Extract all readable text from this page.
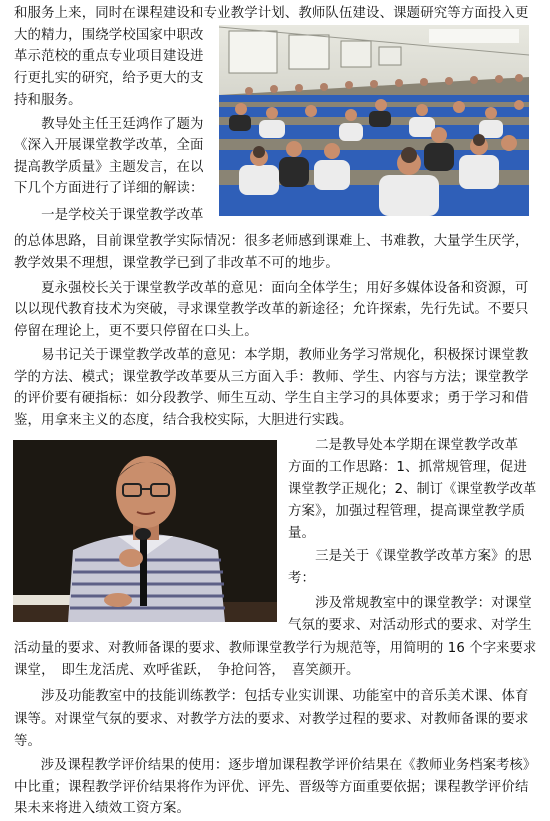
和服务上来，同时在课程建设和专业教学计划、教师队伍建设、课题研究等方面投入更
大的精力，围绕学校国家中职改
革示范校的重点专业项目建设进
行更扎实的研究，给予更大的支
持和服务。
　　教导处主任王廷鸿作了题为
《深入开展课堂教学改革，全面
提高教学质量》主题发言，在以
下几个方面进行了详细的解读：
　　一是学校关于课堂教学改革
的总体思路，目前课堂教学实际情况：很多老师感到课难上、书难教，大量学生厌学，
教学效果不理想，课堂教学已到了非改革不可的地步。
　　夏永强校长关于课堂教学改革的意见：面向全体学生；用好多媒体设备和资源，可
以以现代教育技术为突破，寻求课堂教学改革的新途径；允许探索，先行先试。不要只
停留在理论上，更不要只停留在口头上。
　　易书记关于课堂教学改革的意见：本学期，教师业务学习常规化，积极探讨课堂教
学的方法、模式；课堂教学改革要从三方面入手：教师、学生、内容与方法；课堂教学
的评价要有硬指标：如分段教学、师生互动、学生自主学习的具体要求；勇于学习和借
鉴，用拿来主义的态度，结合我校实际，大胆进行实践。
　　二是教导处本学期在课堂教学改革
方面的工作思路：1、抓常规管理，促进
课堂教学正规化；2、制订《课堂教学改革
方案》，加强过程管理，提高课堂教学质
量。
　　三是关于《课堂教学改革方案》的思
考：
　　涉及常规教室中的课堂教学：对课堂
气氛的要求、对活动形式的要求、对学生
活动量的要求、对教师备课的要求、教师课堂教学行为规范等，用简明的 16 个字来要求
课堂，　即生龙活虎、欢呼雀跃，　争抢问答，　喜笑颜开。
　　涉及功能教室中的技能训练教学：包括专业实训课、功能室中的音乐美术课、体育
课等。对课堂气氛的要求、对教学方法的要求、对教学过程的要求、对教师备课的要求
等。
　　涉及课程教学评价结果的使用：逐步增加课程教学评价结果在《教师业务档案考核》
中比重；课程教学评价结果将作为评优、评先、晋级等方面重要依据；课程教学评价结
果未来将进入绩效工资方案。
